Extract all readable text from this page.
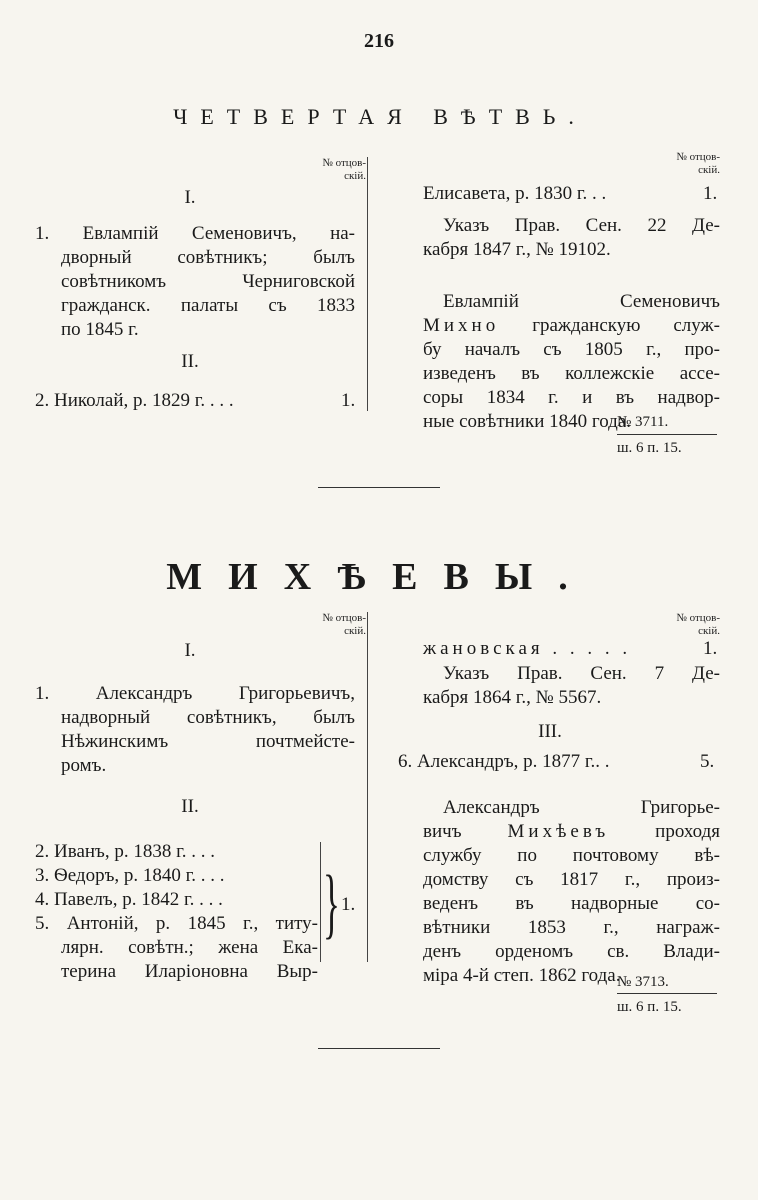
216
ЧЕТВЕРТАЯ ВѢТВЬ.
№ отцов-
скій.
№ отцов-
скій.
I.
1. Евлампій Семеновичъ, на-
дворный совѣтникъ; былъ
совѣтникомъ Черниговской
гражданск. палаты съ 1833
по 1845 г.
II.
2. Николай, р. 1829 г. . . .	1.
Елисавета, р. 1830 г. . .	1.
Указъ Прав. Сен. 22 Де-
кабря 1847 г., № 19102.
Евлампій Семеновичъ
Михно гражданскую служ-
бу началъ съ 1805 г., про-
изведенъ въ коллежскіе ассе-
соры 1834 г. и въ надвор-
ные совѣтники 1840 года.
№ 3711.
ш. 6 п. 15.
МИХѢЕВЫ.
№ отцов-
скій.
№ отцов-
скій.
I.
1. Александръ Григорьевичъ,
надворный совѣтникъ, былъ
Нѣжинскимъ почтмейсте-
ромъ.
II.
2. Иванъ, р. 1838 г. . . .
3. Ѳедоръ, р. 1840 г. . . .
4. Павелъ, р. 1842 г. . . .
5. Антоній, р. 1845 г., титу-
лярн. совѣтн.; жена Ека-
терина Иларіоновна Выр-
} 1.
жановская . . . . .	1.
Указъ Прав. Сен. 7 Де-
кабря 1864 г., № 5567.
III.
6. Александръ, р. 1877 г.. .	5.
Александръ Григорье-
вичъ Михѣевъ проходя
службу по почтовому вѣ-
домству съ 1817 г., произ-
веденъ въ надворные со-
вѣтники 1853 г., награж-
денъ орденомъ св. Влади-
міра 4-й степ. 1862 года.
№ 3713.
ш. 6 п. 15.
